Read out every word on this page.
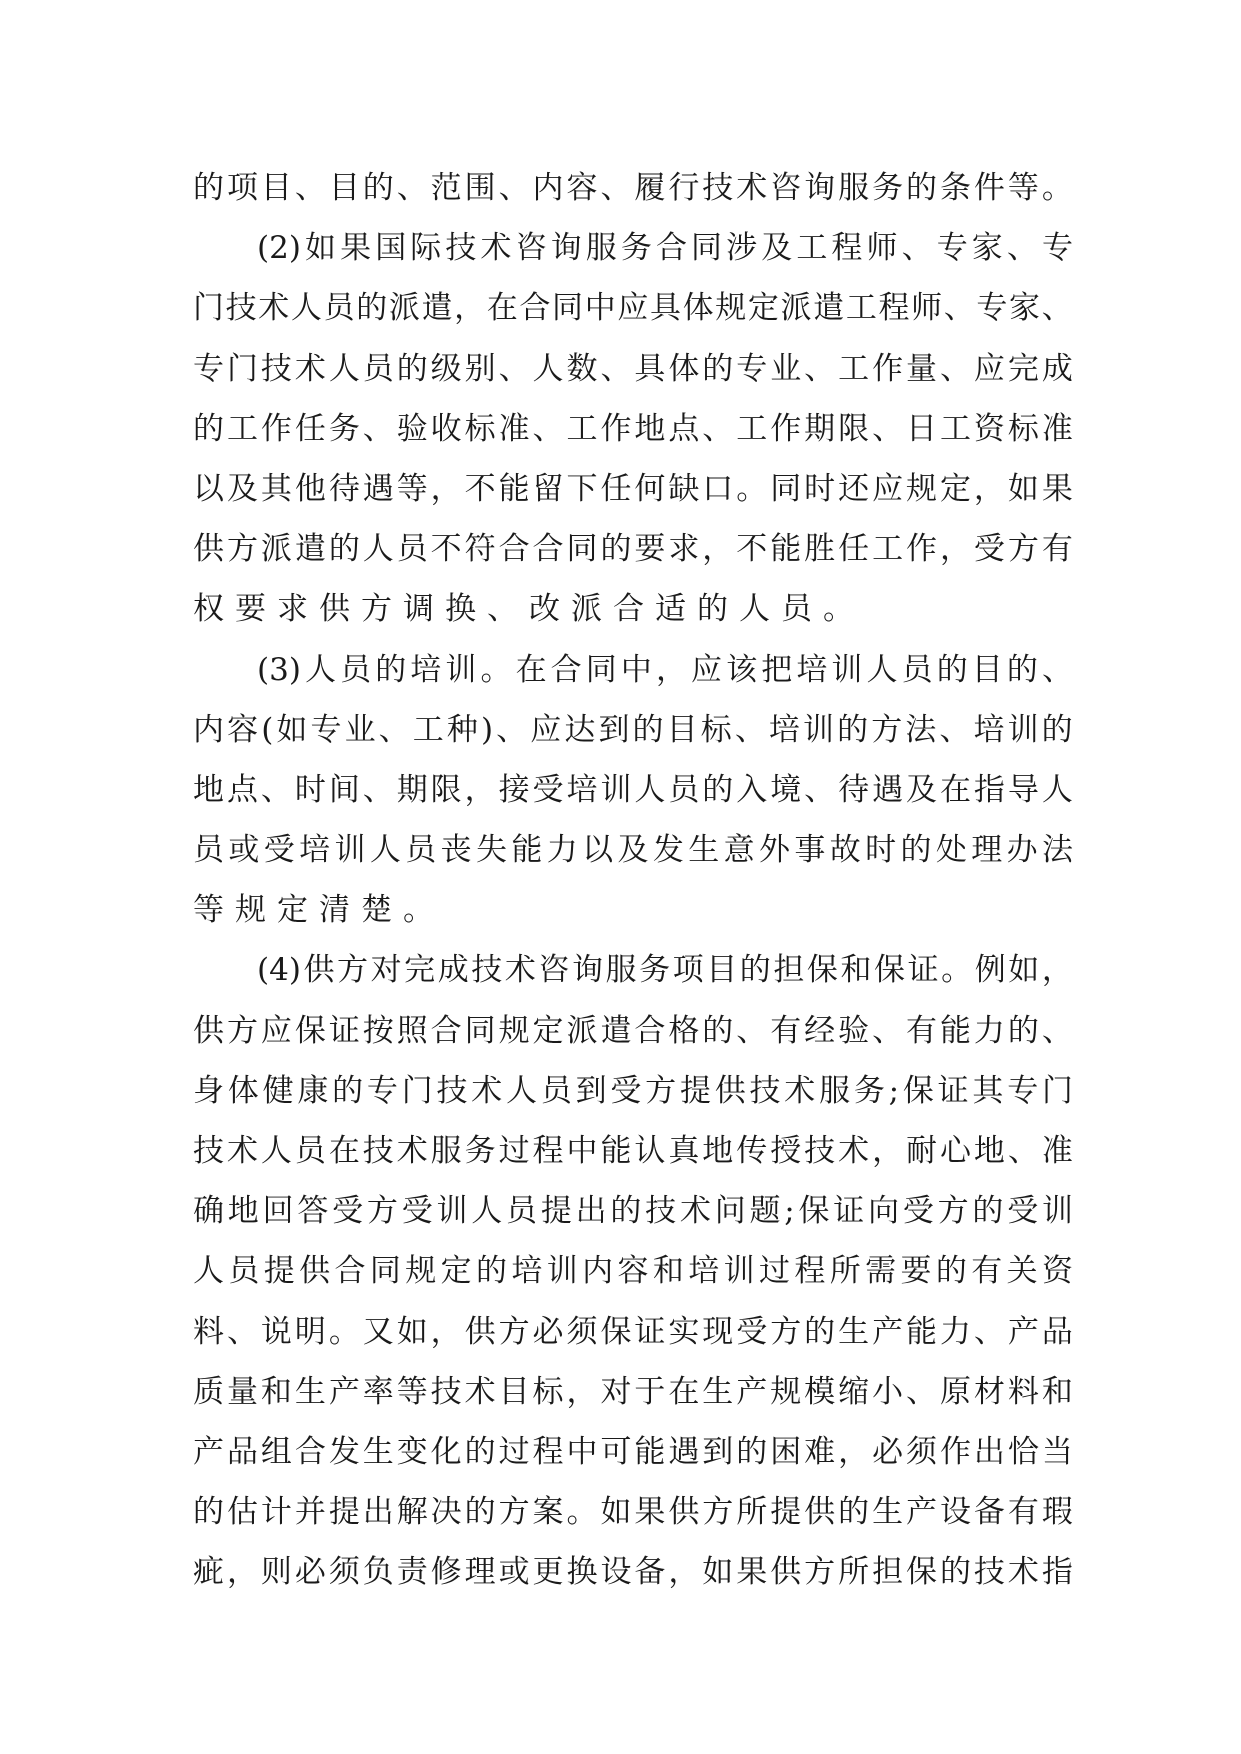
的 项 目 、 目 的 、 范 围 、 内 容 、 履 行 技 术 咨 询 服 务 的 条 件 等 。
(2) 如 果 国 际 技 术 咨 询 服 务 合 同 涉 及 工 程 师 、 专 家 、 专
门 技 术 人 员 的 派 遣 ， 在 合 同 中 应 具 体 规 定 派 遣 工 程 师 、 专 家 、
专 门 技 术 人 员 的 级 别 、 人 数 、 具 体 的 专 业 、 工 作 量 、 应 完 成
的 工 作 任 务 、 验 收 标 准 、 工 作 地 点 、 工 作 期 限 、 日 工 资 标 准
以 及 其 他 待 遇 等 ， 不 能 留 下 任 何 缺 口 。 同 时 还 应 规 定 ， 如 果
供 方 派 遣 的 人 员 不 符 合 合 同 的 要 求 ， 不 能 胜 任 工 作 ， 受 方 有
权要求供方调换、改派合适的人员。
(3) 人 员 的 培 训 。 在 合 同 中 ， 应 该 把 培 训 人 员 的 目 的 、
内 容 ( 如 专 业 、 工 种 ) 、 应 达 到 的 目 标 、 培 训 的 方 法 、 培 训 的
地 点 、 时 间 、 期 限 ， 接 受 培 训 人 员 的 入 境 、 待 遇 及 在 指 导 人
员 或 受 培 训 人 员 丧 失 能 力 以 及 发 生 意 外 事 故 时 的 处 理 办 法
等规定清楚。
(4) 供 方 对 完 成 技 术 咨 询 服 务 项 目 的 担 保 和 保 证 。 例 如 ，
供 方 应 保 证 按 照 合 同 规 定 派 遣 合 格 的 、 有 经 验 、 有 能 力 的 、
身 体 健 康 的 专 门 技 术 人 员 到 受 方 提 供 技 术 服 务 ; 保 证 其 专 门
技 术 人 员 在 技 术 服 务 过 程 中 能 认 真 地 传 授 技 术 ， 耐 心 地 、 准
确 地 回 答 受 方 受 训 人 员 提 出 的 技 术 问 题 ; 保 证 向 受 方 的 受 训
人 员 提 供 合 同 规 定 的 培 训 内 容 和 培 训 过 程 所 需 要 的 有 关 资
料 、 说 明 。 又 如 ， 供 方 必 须 保 证 实 现 受 方 的 生 产 能 力 、 产 品
质 量 和 生 产 率 等 技 术 目 标 ， 对 于 在 生 产 规 模 缩 小 、 原 材 料 和
产 品 组 合 发 生 变 化 的 过 程 中 可 能 遇 到 的 困 难 ， 必 须 作 出 恰 当
的 估 计 并 提 出 解 决 的 方 案 。 如 果 供 方 所 提 供 的 生 产 设 备 有 瑕
疵 ， 则 必 须 负 责 修 理 或 更 换 设 备 ， 如 果 供 方 所 担 保 的 技 术 指
